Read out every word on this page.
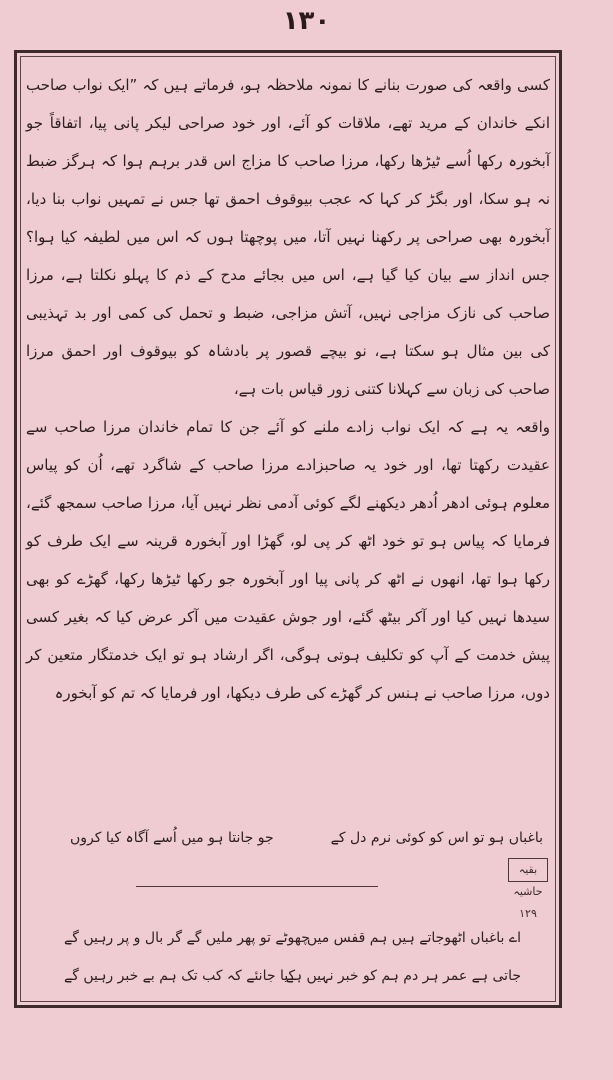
۱۳۰

کسی واقعہ کی صورت بنانے کا نمونہ ملاحظہ ہو، فرماتے ہیں کہ ”ایک نواب صاحب انکے خاندان کے مرید تھے، ملاقات کو آئے، اور خود صراحی لیکر پانی پیا، اتفاقاً جو آبخورہ رکھا اُسے ٹیڑھا رکھا، مرزا صاحب کا مزاج اس قدر برہم ہوا کہ ہرگز ضبط نہ ہو سکا، اور بگڑ کر کہا کہ عجب بیوقوف احمق تھا جس نے تمہیں نواب بنا دیا، آبخورہ بھی صراحی پر رکھنا نہیں آتا، میں پوچھتا ہوں کہ اس میں لطیفہ کیا ہوا؟ جس انداز سے بیان کیا گیا ہے، اس میں بجائے مدح کے ذم کا پہلو نکلتا ہے، مرزا صاحب کی نازک مزاجی نہیں، آتش مزاجی، ضبط و تحمل کی کمی اور بد تہذیبی کی بین مثال ہو سکتا ہے، نو بیچے قصور پر بادشاہ کو بیوقوف اور احمق مرزا صاحب کی زبان سے کہلانا کتنی زور قیاس بات ہے،

واقعہ یہ ہے کہ ایک نواب زادے ملنے کو آئے جن کا تمام خاندان مرزا صاحب سے عقیدت رکھتا تھا، اور خود یہ صاحبزادے مرزا صاحب کے شاگرد تھے، اُن کو پیاس معلوم ہوئی ادھر اُدھر دیکھنے لگے کوئی آدمی نظر نہیں آیا، مرزا صاحب سمجھ گئے، فرمایا کہ پیاس ہو تو خود اٹھ کر پی لو، گھڑا اور آبخورہ قرینہ سے ایک طرف کو رکھا ہوا تھا، انھوں نے اٹھ کر پانی پیا اور آبخورہ جو رکھا ٹیڑھا رکھا، گھڑے کو بھی سیدھا نہیں کیا اور آکر بیٹھ گئے، اور جوش عقیدت میں آکر عرض کیا کہ بغیر کسی پیش خدمت کے آپ کو تکلیف ہوتی ہوگی، اگر ارشاد ہو تو ایک خدمتگار متعین کر دوں، مرزا صاحب نے ہنس کر گھڑے کی طرف دیکھا، اور فرمایا کہ تم کو آبخورہ

باغباں ہو تو اس کو کوئی نرم دل کے
جو جانتا ہو میں اُسے آگاہ کیا کروں
بقیہ حاشیہ ۱۲۹
اے باغباں اٹھوجاتے ہیں ہم قفس میں
چھوٹے تو پھر ملیں گے گر بال و پر رہیں گے
جاتی ہے عمر ہر دم ہم کو خبر نہیں ہے
کیا جانئے کہ کب تک ہم بے خبر رہیں گے
